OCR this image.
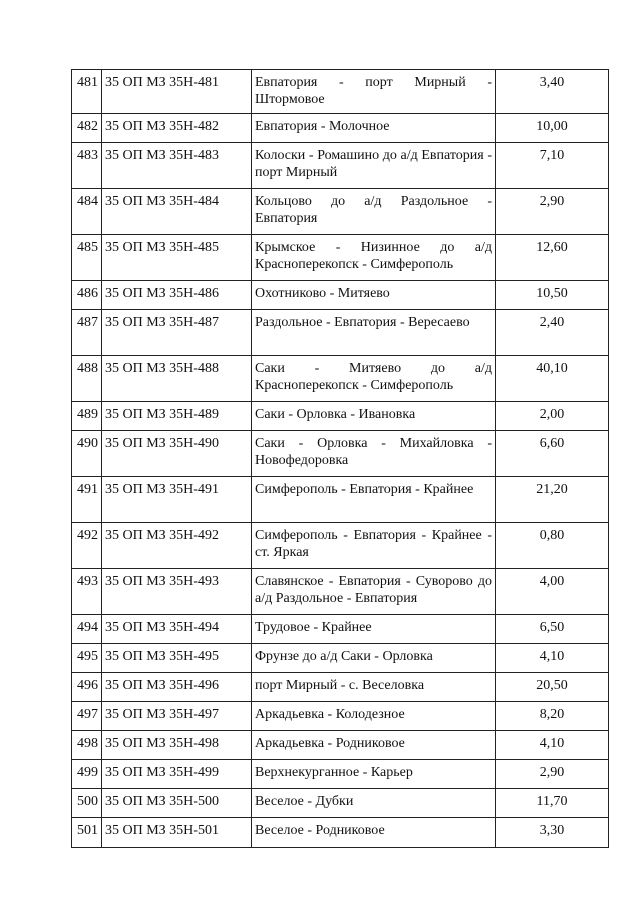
481	35 ОП МЗ 35Н-481	Евпатория - порт Мирный - Штормовое	3,40
482	35 ОП МЗ 35Н-482	Евпатория - Молочное	10,00
483	35 ОП МЗ 35Н-483	Колоски - Ромашино до а/д Евпатория - порт Мирный	7,10
484	35 ОП МЗ 35Н-484	Кольцово до а/д Раздольное - Евпатория	2,90
485	35 ОП МЗ 35Н-485	Крымское - Низинное до а/д Красноперекопск - Симферополь	12,60
486	35 ОП МЗ 35Н-486	Охотниково - Митяево	10,50
487	35 ОП МЗ 35Н-487	Раздольное - Евпатория - Вересаево	2,40
488	35 ОП МЗ 35Н-488	Саки - Митяево до а/д Красноперекопск - Симферополь	40,10
489	35 ОП МЗ 35Н-489	Саки - Орловка - Ивановка	2,00
490	35 ОП МЗ 35Н-490	Саки - Орловка - Михайловка - Новофедоровка	6,60
491	35 ОП МЗ 35Н-491	Симферополь - Евпатория - Крайнее	21,20
492	35 ОП МЗ 35Н-492	Симферополь - Евпатория - Крайнее - ст. Яркая	0,80
493	35 ОП МЗ 35Н-493	Славянское - Евпатория - Суворово до а/д Раздольное - Евпатория	4,00
494	35 ОП МЗ 35Н-494	Трудовое - Крайнее	6,50
495	35 ОП МЗ 35Н-495	Фрунзе до а/д Саки - Орловка	4,10
496	35 ОП МЗ 35Н-496	порт Мирный - с. Веселовка	20,50
497	35 ОП МЗ 35Н-497	Аркадьевка - Колодезное	8,20
498	35 ОП МЗ 35Н-498	Аркадьевка - Родниковое	4,10
499	35 ОП МЗ 35Н-499	Верхнекурганное - Карьер	2,90
500	35 ОП МЗ 35Н-500	Веселое - Дубки	11,70
501	35 ОП МЗ 35Н-501	Веселое - Родниковое	3,30
